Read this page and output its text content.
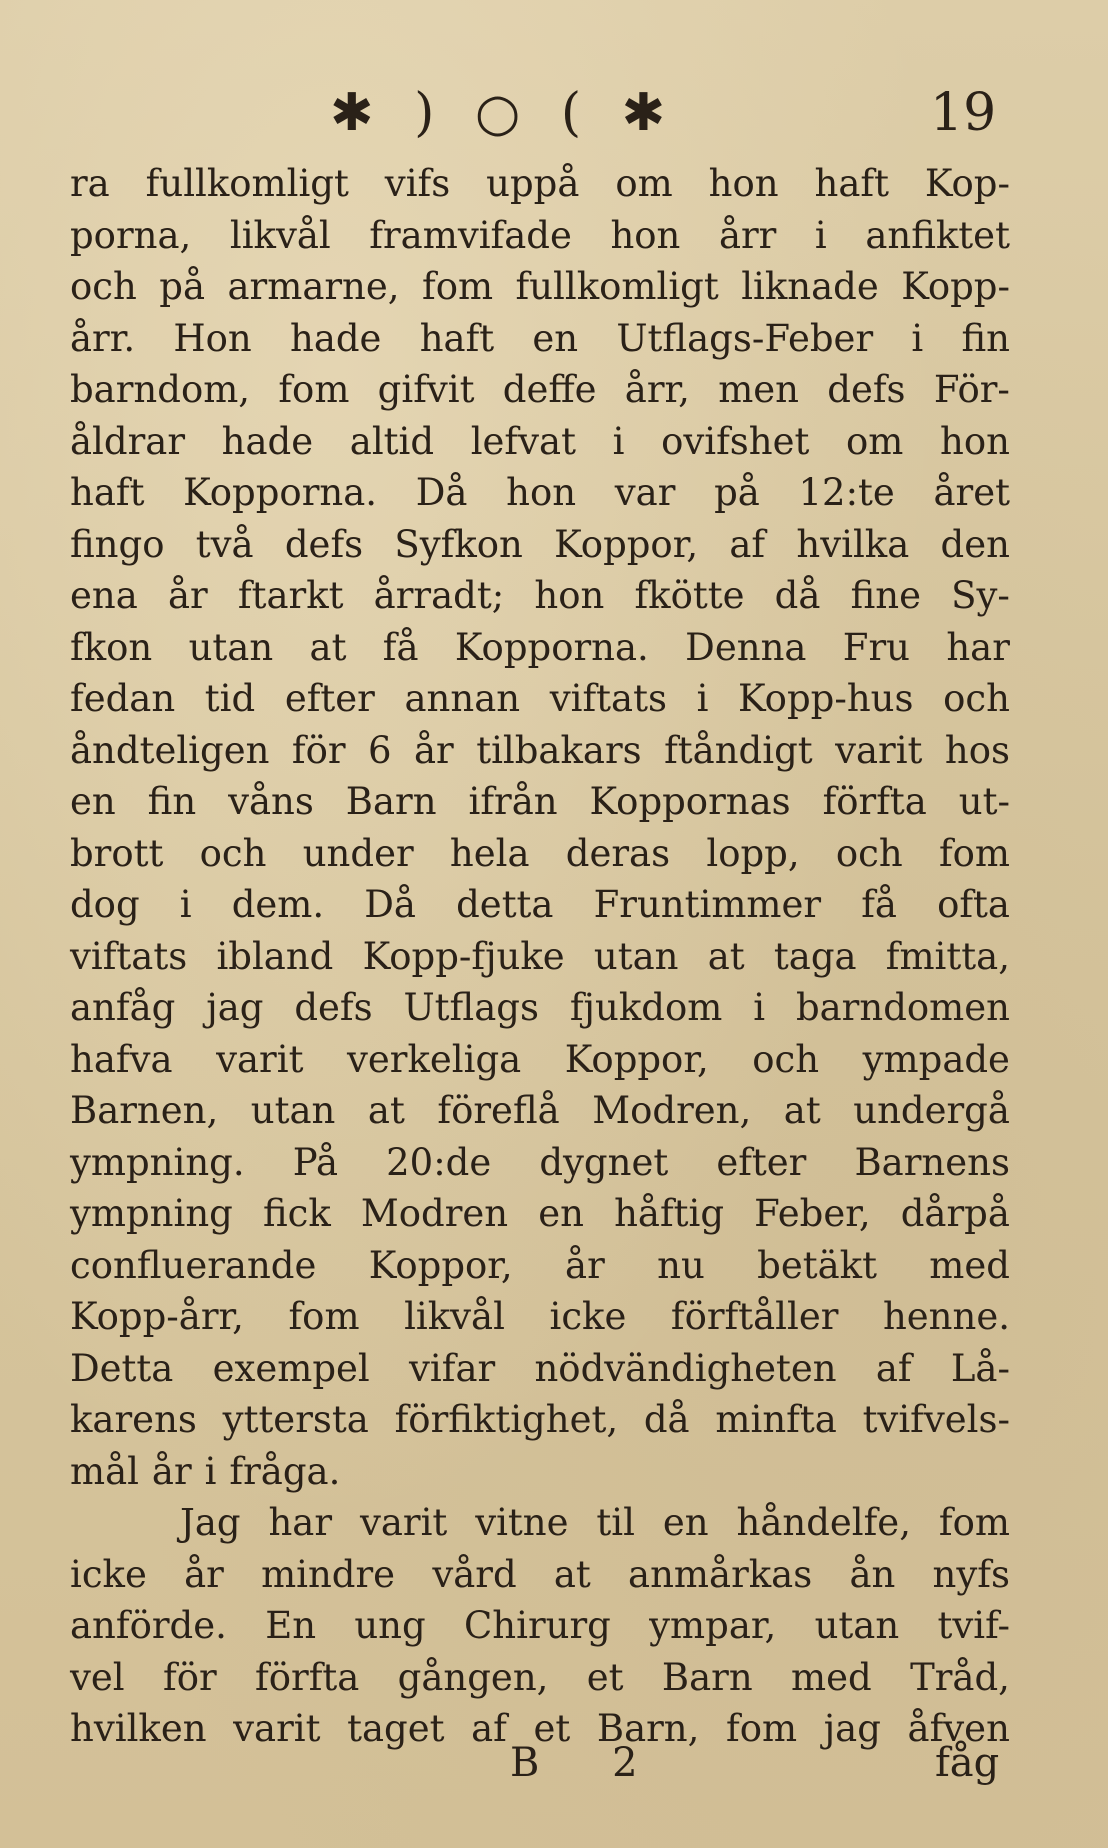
✱ ) ○ ( ✱	19
ra fullkomligt vifs uppå om hon haft Kop-
porna, likvål framvifade hon årr i anfiktet
och på armarne, fom fullkomligt liknade Kopp-
årr. Hon hade haft en Utflags-Feber i fin
barndom, fom gifvit deffe årr, men defs För-
åldrar hade altid lefvat i ovifshet om hon
haft Kopporna. Då hon var på 12:te året
fingo två defs Syfkon Koppor, af hvilka den
ena år ftarkt årradt; hon fkötte då fine Sy-
fkon utan at få Kopporna. Denna Fru har
fedan tid efter annan viftats i Kopp-hus och
åndteligen för 6 år tilbakars ftåndigt varit hos
en fin våns Barn ifrån Koppornas förfta ut-
brott och under hela deras lopp, och fom
dog i dem. Då detta Fruntimmer få ofta
viftats ibland Kopp-fjuke utan at taga fmitta,
anfåg jag defs Utflags fjukdom i barndomen
hafva varit verkeliga Koppor, och ympade
Barnen, utan at föreflå Modren, at undergå
ympning. På 20:de dygnet efter Barnens
ympning fick Modren en håftig Feber, dårpå
confluerande Koppor, år nu betäkt med
Kopp-årr, fom likvål icke förftåller henne.
Detta exempel vifar nödvändigheten af Lå-
karens yttersta förfiktighet, då minfta tvifvels-
mål år i fråga.
Jag har varit vitne til en håndelfe, fom
icke år mindre vård at anmårkas ån nyfs
anförde. En ung Chirurg ympar, utan tvif-
vel för förfta gången, et Barn med Tråd,
hvilken varit taget af et Barn, fom jag åfven
B 2	fåg
